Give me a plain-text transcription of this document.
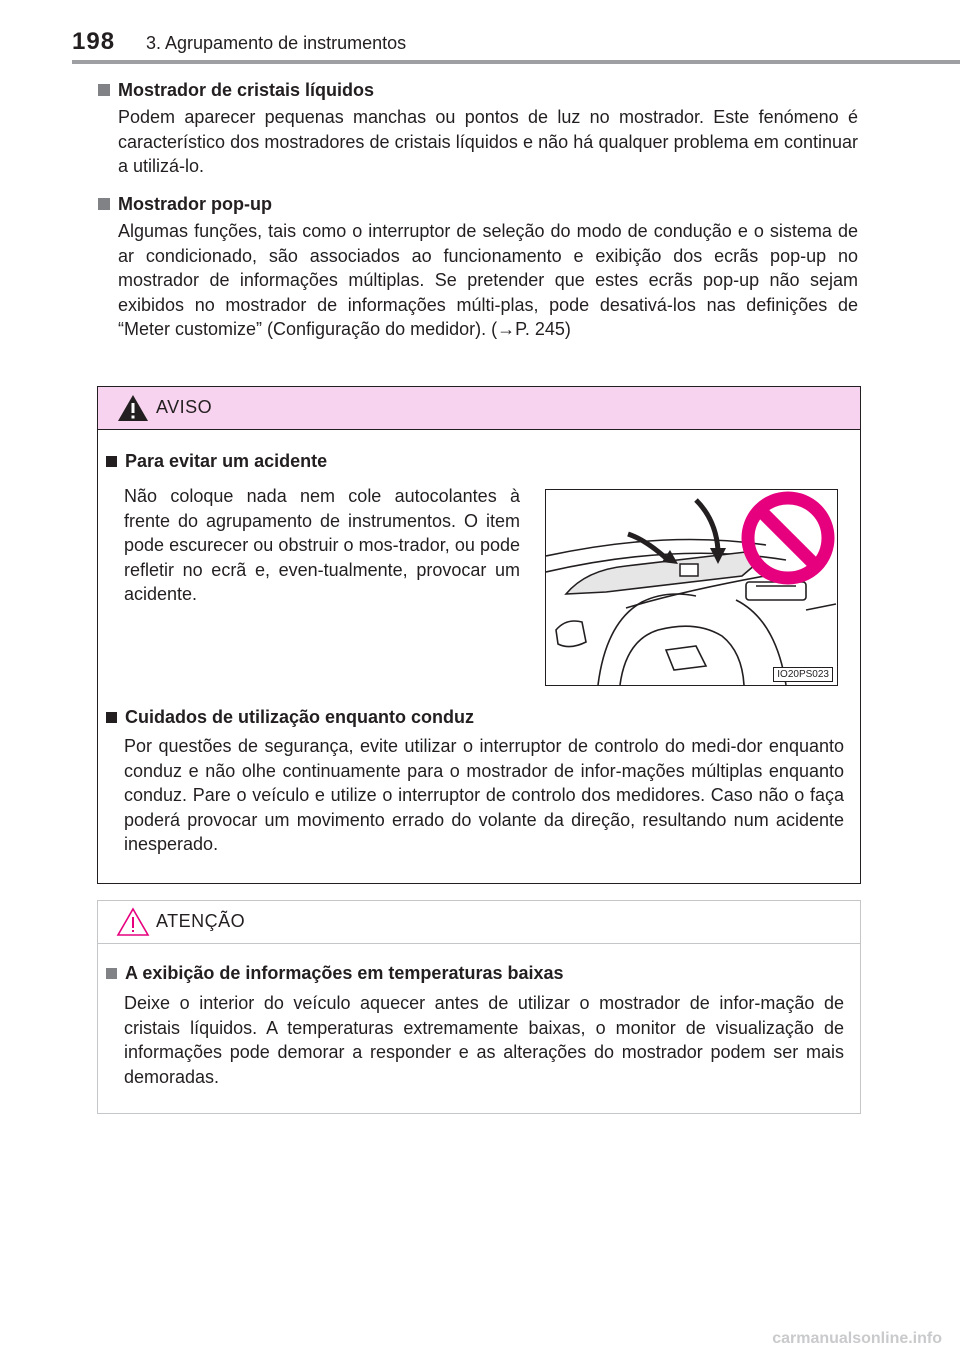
198 3. Agrupamento de instrumentos
Mostrador de cristais líquidos
Podem aparecer pequenas manchas ou pontos de luz no mostrador. Este fenómeno é característico dos mostradores de cristais líquidos e não há qualquer problema em continuar a utilizá-lo.
Mostrador pop-up
Algumas funções, tais como o interruptor de seleção do modo de condução e o sistema de ar condicionado, são associados ao funcionamento e exibição dos ecrãs pop-up no mostrador de informações múltiplas. Se pretender que estes ecrãs pop-up não sejam exibidos no mostrador de informações múlti-plas, pode desativá-los nas definições de “Meter customize” (Configuração do medidor). (→P. 245)
AVISO
Para evitar um acidente
Não coloque nada nem cole autocolantes à frente do agrupamento de instrumentos. O item pode escurecer ou obstruir o mos-trador, ou pode refletir no ecrã e, even-tualmente, provocar um acidente.
IO20PS023
Cuidados de utilização enquanto conduz
Por questões de segurança, evite utilizar o interruptor de controlo do medi-dor enquanto conduz e não olhe continuamente para o mostrador de infor-mações múltiplas enquanto conduz. Pare o veículo e utilize o interruptor de controlo dos medidores. Caso não o faça poderá provocar um movimento errado do volante da direção, resultando num acidente inesperado.
ATENÇÃO
A exibição de informações em temperaturas baixas
Deixe o interior do veículo aquecer antes de utilizar o mostrador de infor-mação de cristais líquidos. A temperaturas extremamente baixas, o monitor de visualização de informações pode demorar a responder e as alterações do mostrador podem ser mais demoradas.
carmanualsonline.info
